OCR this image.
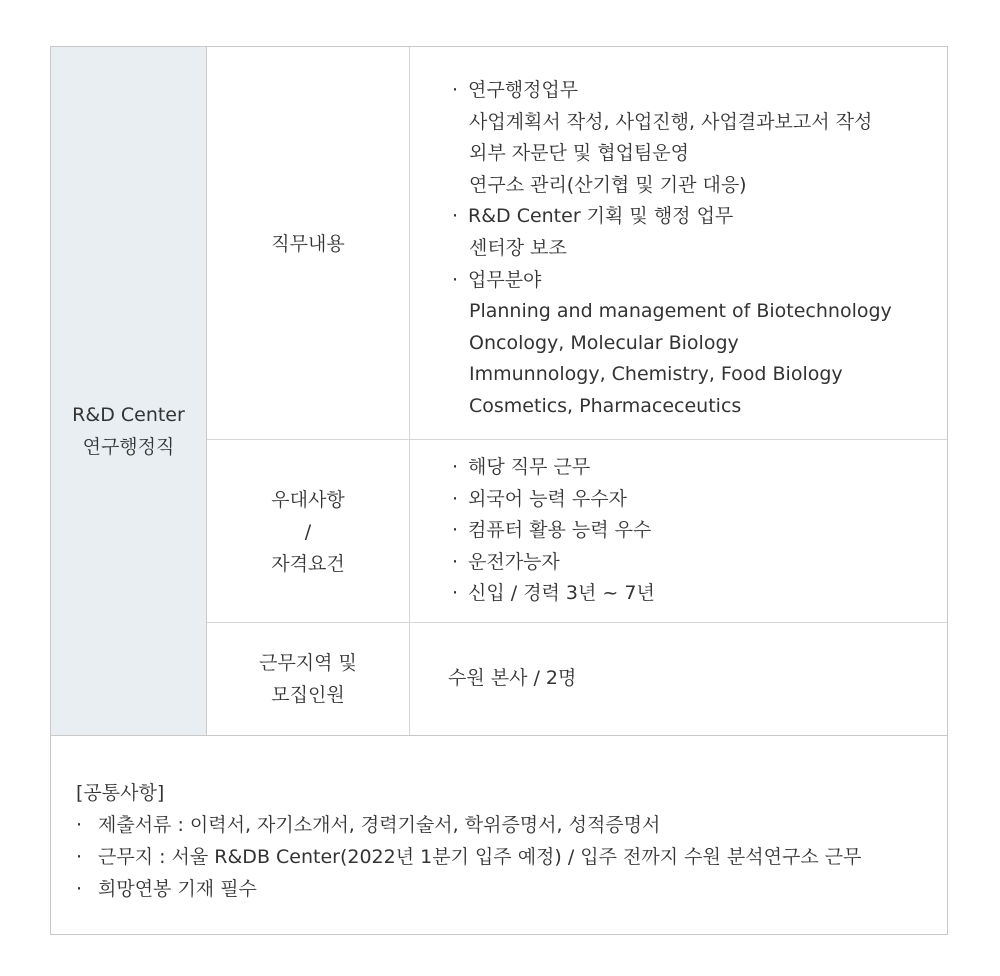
R&D Center
연구행정직
직무내용
· 연구행정업무
사업계획서 작성, 사업진행, 사업결과보고서 작성
외부 자문단 및 협업팀운영
연구소 관리(산기협 및 기관 대응)
· R&D Center 기획 및 행정 업무
센터장 보조
· 업무분야
Planning and management of Biotechnology
Oncology, Molecular Biology
Immunnology, Chemistry, Food Biology
Cosmetics, Pharmaceceutics
우대사항
/
자격요건
· 해당 직무 근무
· 외국어 능력 우수자
· 컴퓨터 활용 능력 우수
· 운전가능자
· 신입 / 경력 3년 ~ 7년
근무지역 및
모집인원
수원 본사 / 2명
[공통사항]
· 제출서류 : 이력서, 자기소개서, 경력기술서, 학위증명서, 성적증명서
· 근무지 : 서울 R&DB Center(2022년 1분기 입주 예정) / 입주 전까지 수원 분석연구소 근무
· 희망연봉 기재 필수
